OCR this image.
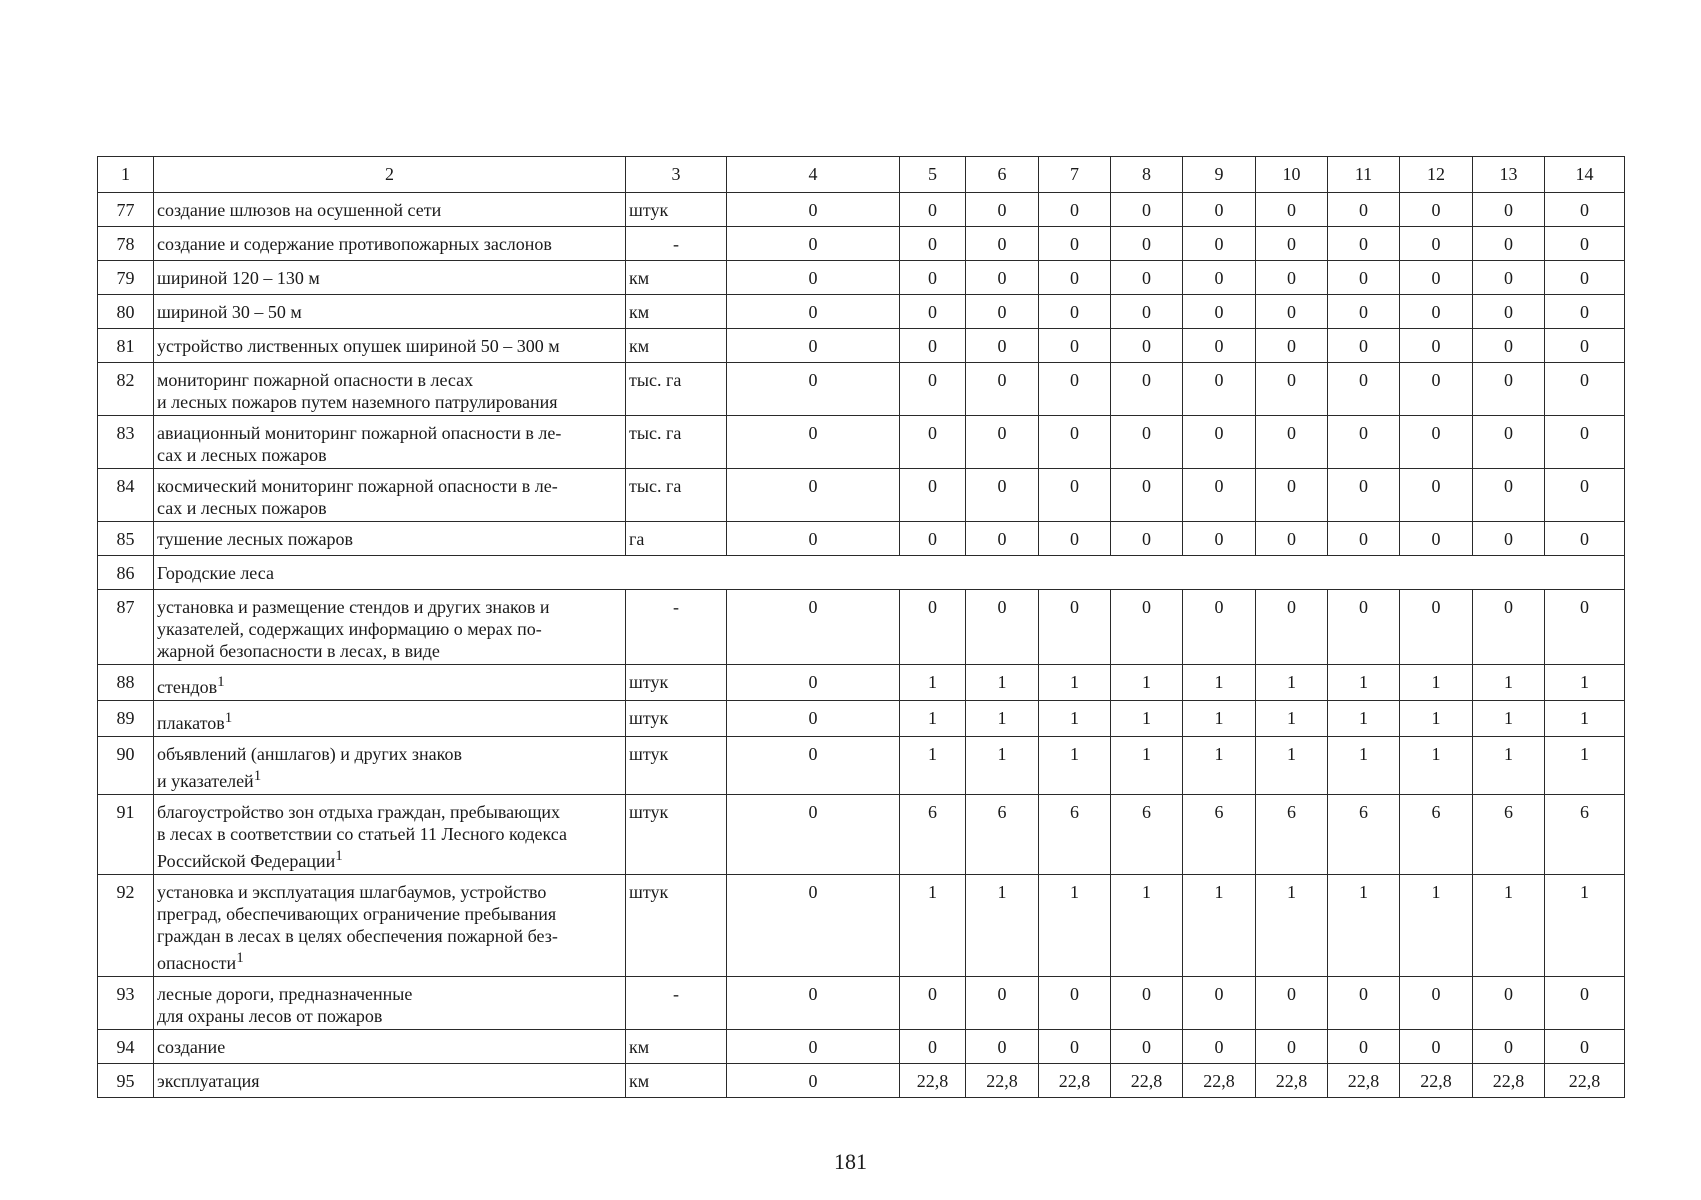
1	2	3	4	5	6	7	8	9	10	11	12	13	14
77	создание шлюзов на осушенной сети	штук	0	0	0	0	0	0	0	0	0	0	0
78	создание и содержание противопожарных заслонов	-	0	0	0	0	0	0	0	0	0	0	0
79	шириной 120 – 130 м	км	0	0	0	0	0	0	0	0	0	0	0
80	шириной 30 – 50 м	км	0	0	0	0	0	0	0	0	0	0	0
81	устройство лиственных опушек шириной 50 – 300 м	км	0	0	0	0	0	0	0	0	0	0	0
82	мониторинг пожарной опасности в лесах
и лесных пожаров путем наземного патрулирования	тыс. га	0	0	0	0	0	0	0	0	0	0	0
83	авиационный мониторинг пожарной опасности в ле-
сах и лесных пожаров	тыс. га	0	0	0	0	0	0	0	0	0	0	0
84	космический мониторинг пожарной опасности в ле-
сах и лесных пожаров	тыс. га	0	0	0	0	0	0	0	0	0	0	0
85	тушение лесных пожаров	га	0	0	0	0	0	0	0	0	0	0	0
86	Городские леса												
87	установка и размещение стендов и других знаков и
указателей, содержащих информацию о мерах по-
жарной безопасности в лесах, в виде	-	0	0	0	0	0	0	0	0	0	0	0
88	стендов$^1$	штук	0	1	1	1	1	1	1	1	1	1	1
89	плакатов$^1$	штук	0	1	1	1	1	1	1	1	1	1	1
90	объявлений (аншлагов) и других знаков
и указателей$^1$	штук	0	1	1	1	1	1	1	1	1	1	1
91	благоустройство зон отдыха граждан, пребывающих
в лесах в соответствии со статьей 11 Лесного кодекса
Российской Федерации$^1$	штук	0	6	6	6	6	6	6	6	6	6	6
92	установка и эксплуатация шлагбаумов, устройство
преград, обеспечивающих ограничение пребывания
граждан в лесах в целях обеспечения пожарной без-
опасности$^1$	штук	0	1	1	1	1	1	1	1	1	1	1
93	лесные дороги, предназначенные
для охраны лесов от пожаров	-	0	0	0	0	0	0	0	0	0	0	0
94	создание	км	0	0	0	0	0	0	0	0	0	0	0
95	эксплуатация	км	0	22,8	22,8	22,8	22,8	22,8	22,8	22,8	22,8	22,8	22,8
181
